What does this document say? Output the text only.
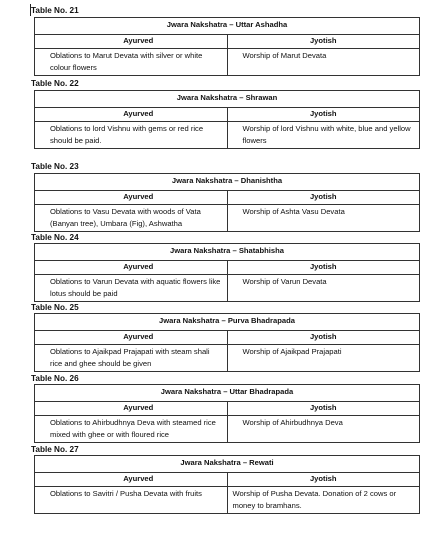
Table No. 21
Jwara Nakshatra – Uttar Ashadha	
Ayurved	Jyotish
Oblations to Marut Devata with silver or white colour flowers	Worship of Marut Devata
Table No. 22
Jwara Nakshatra – Shrawan	
Ayurved	Jyotish
Oblations to lord Vishnu with gems or red rice should be paid.	Worship of lord Vishnu with white, blue and yellow flowers
Table No. 23
Jwara Nakshatra – Dhanishtha	
Ayurved	Jyotish
Oblations to Vasu Devata with woods of Vata (Banyan tree), Umbara (Fig), Ashwatha	Worship of Ashta Vasu Devata
Table No. 24
Jwara Nakshatra – Shatabhisha	
Ayurved	Jyotish
Oblations to Varun Devata with aquatic flowers like lotus should be paid	Worship of Varun Devata
Table No. 25
Jwara Nakshatra – Purva Bhadrapada	
Ayurved	Jyotish
Oblations to Ajaikpad Prajapati with steam shali rice and ghee should be given	Worship of Ajaikpad Prajapati
Table No. 26
Jwara Nakshatra – Uttar Bhadrapada	
Ayurved	Jyotish
Oblations to Ahirbudhnya Deva with steamed rice mixed with ghee or with floured rice	Worship of Ahirbudhnya Deva
Table No. 27
Jwara Nakshatra – Rewati	
Ayurved	Jyotish
Oblations to Savitri / Pusha Devata with fruits	Worship of Pusha Devata. Donation of 2 cows or money to bramhans.
